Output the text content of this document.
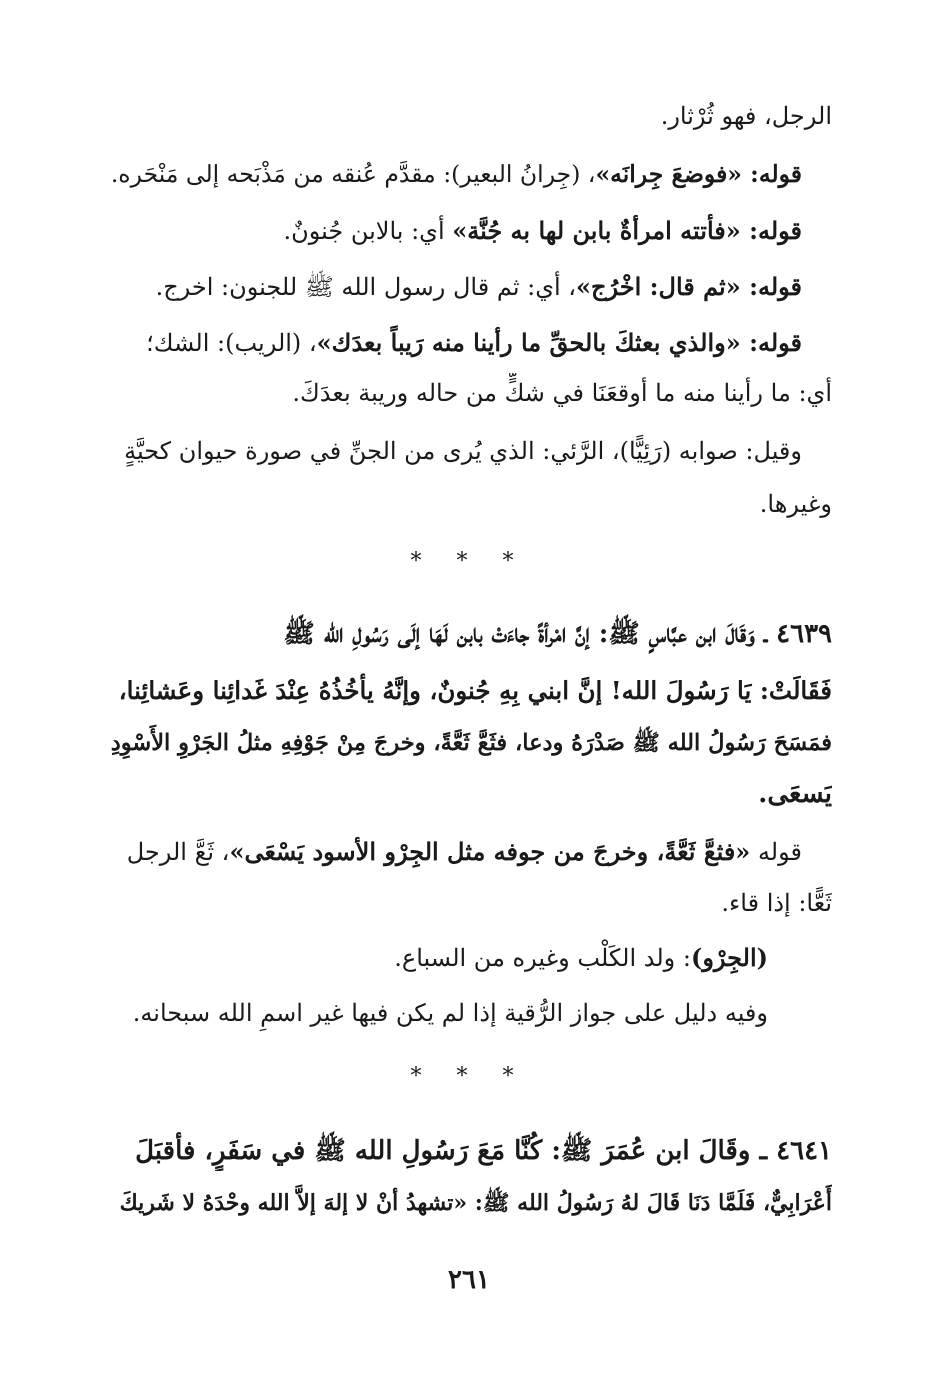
الرجل، فهو ثُرْثار.
قوله: «فوضعَ جِرانَه»، (جِرانُ البعير): مقدَّم عُنقه من مَذْبَحه إلى مَنْحَره.
قوله: «فأتته امرأةٌ بابن لها به جُنَّة» أي: بالابن جُنونٌ.
قوله: «ثم قال: اخْرُج»، أي: ثم قال رسول الله ﷺ للجنون: اخرج.
قوله: «والذي بعثكَ بالحقِّ ما رأينا منه رَيباً بعدَك»، (الريب): الشك؛
أي: ما رأينا منه ما أوقعَنَا في شكٍّ من حاله وريبة بعدَكَ.
وقيل: صوابه (رَئِيًّا)، الرَّئي: الذي يُرى من الجنِّ في صورة حيوان كحيَّةٍ
وغيرها.
* * *
٤٦٣٩ ـ وَقَالَ ابن عبَّاسٍ ﷺ: إنَّ امْرأةً جاءَتْ بابن لَهَا إلَى رَسُولِ الله ﷺ
فَقَالَتْ: يَا رَسُولَ الله! إنَّ ابني بِهِ جُنونٌ، وإنَّهُ يأخُذُهُ عِنْدَ غَدائِنا وعَشائِنا،
فمَسَحَ رَسُولُ الله ﷺ صَدْرَهُ ودعا، فثَعَّ ثَعَّةً، وخرجَ مِنْ جَوْفِهِ مثلُ الجَرْوِ الأَسْوِدِ
يَسعَى.
قوله «فثعَّ ثَعَّةً، وخرجَ من جوفه مثل الجِرْو الأسود يَسْعَى»، ثَعَّ الرجل
ثَعًّا: إذا قاء.
(الجِرْو): ولد الكَلْب وغيره من السباع.
وفيه دليل على جواز الرُّقية إذا لم يكن فيها غير اسمِ الله سبحانه.
* * *
٤٦٤١ ـ وقَالَ ابن عُمَرَ ﷺ: كُنَّا مَعَ رَسُولِ الله ﷺ في سَفَرٍ، فأقبَلَ
أَعْرَابِيٌّ، فَلَمَّا دَنَا قَالَ لهُ رَسُولُ الله ﷺ: «تشهدُ أنْ لا إلهَ إلاَّ الله وحْدَهُ لا شَريكَ
٢٦١
